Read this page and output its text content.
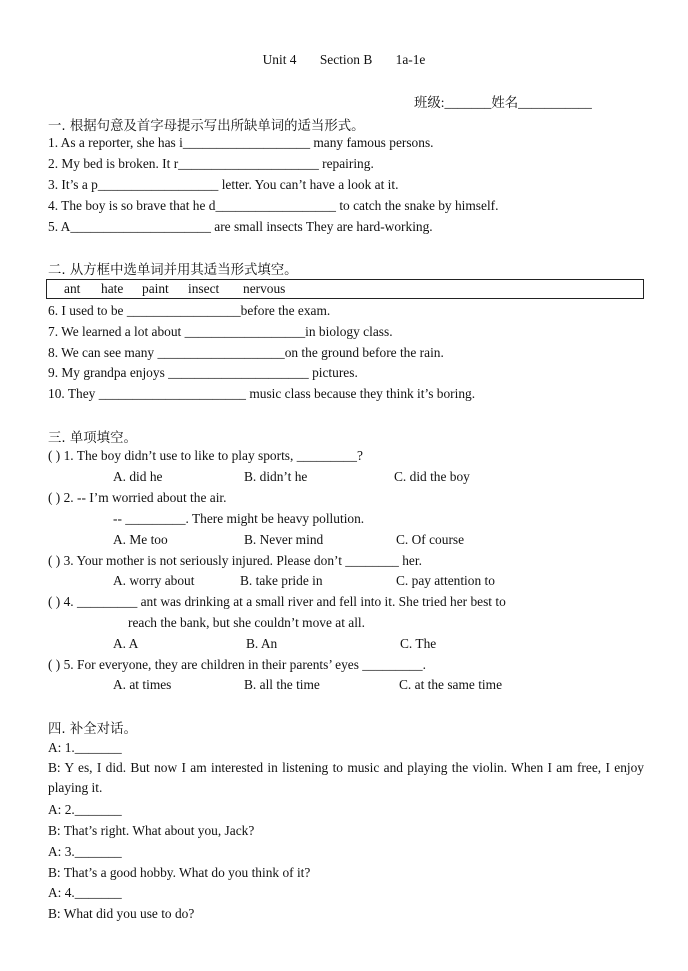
Unit 4 Section B 1a-1e
班级:_______姓名___________
一. 根据句意及首字母提示写出所缺单词的适当形式。
1. As a reporter, she has i___________________ many famous persons.
2. My bed is broken. It r_____________________ repairing.
3. It’s a p__________________ letter. You can’t have a look at it.
4. The boy is so brave that he d__________________ to catch the snake by himself.
5. A_____________________ are small insects They are hard-working.
二. 从方框中选单词并用其适当形式填空。
ant hate paint insect nervous
6. I used to be _________________before the exam.
7. We learned a lot about __________________in biology class.
8. We can see many ___________________on the ground before the rain.
9. My grandpa enjoys _____________________ pictures.
10. They ______________________ music class because they think it’s boring.
三. 单项填空。
( ) 1. The boy didn’t use to like to play sports, _________?
A. did he	B. didn’t he	C. did the boy
( ) 2. -- I’m worried about the air.
-- _________. There might be heavy pollution.
A. Me too	B. Never mind	C. Of course
( ) 3. Your mother is not seriously injured. Please don’t ________ her.
A. worry about	B. take pride in	C. pay attention to
( ) 4. _________ ant was drinking at a small river and fell into it. She tried her best to
reach the bank, but she couldn’t move at all.
A. A	B. An	C. The
( ) 5. For everyone, they are children in their parents’ eyes _________.
A. at times	B. all the time	C. at the same time
四. 补全对话。
A: 1._______
B: Y es, I did. But now I am interested in listening to music and playing the violin. When I am free, I enjoy playing it.
A: 2._______
B: That’s right. What about you, Jack?
A: 3._______
B: That’s a good hobby. What do you think of it?
A: 4._______
B: What did you use to do?
